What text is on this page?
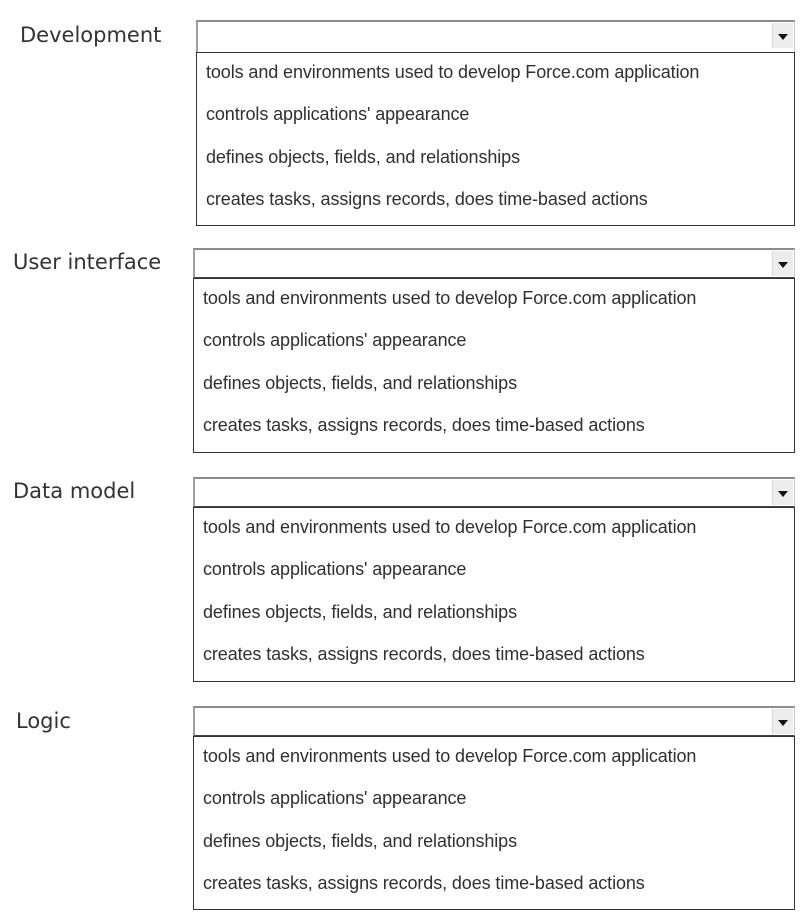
Development
tools and environments used to develop Force.com application
controls applications' appearance
defines objects, fields, and relationships
creates tasks, assigns records, does time-based actions
User interface
tools and environments used to develop Force.com application
controls applications' appearance
defines objects, fields, and relationships
creates tasks, assigns records, does time-based actions
Data model
tools and environments used to develop Force.com application
controls applications' appearance
defines objects, fields, and relationships
creates tasks, assigns records, does time-based actions
Logic
tools and environments used to develop Force.com application
controls applications' appearance
defines objects, fields, and relationships
creates tasks, assigns records, does time-based actions
